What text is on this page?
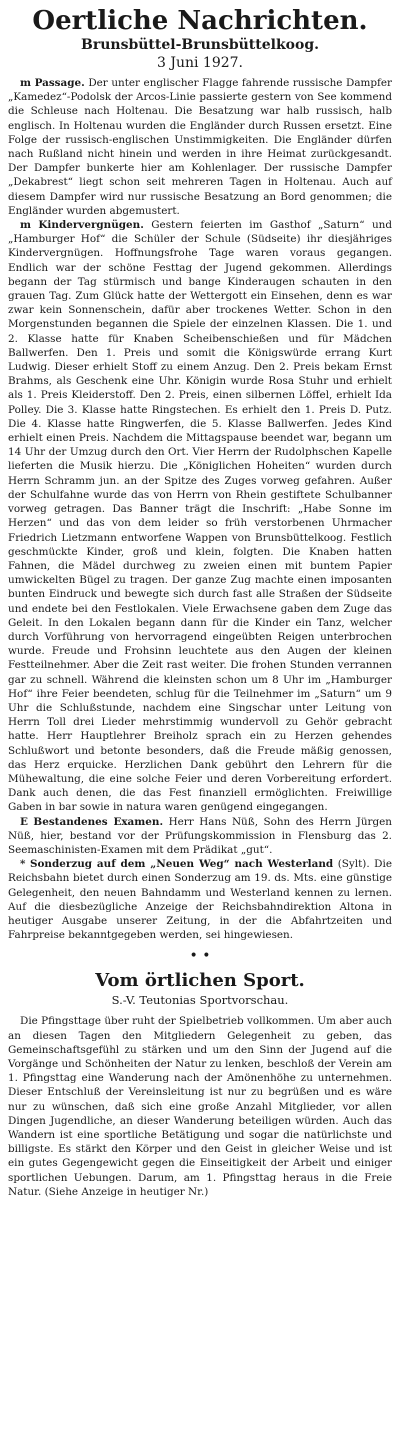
Oertliche Nachrichten.
Brunsbüttel-Brunsbüttelkoog.
3 Juni 1927.

m Passage. Der unter englischer Flagge fahrende russische Dampfer „Kamedez“-Podolsk der Arcos-Linie passierte gestern von See kommend die Schleuse nach Holtenau. Die Besatzung war halb russisch, halb englisch. In Holtenau wurden die Engländer durch Russen ersetzt. Eine Folge der russisch-englischen Unstimmigkeiten. Die Engländer dürfen nach Rußland nicht hinein und werden in ihre Heimat zurückgesandt. Der Dampfer bunkerte hier am Kohlenlager. Der russische Dampfer „Dekabrest“ liegt schon seit mehreren Tagen in Holtenau. Auch auf diesem Dampfer wird nur russische Besatzung an Bord genommen; die Engländer wurden abgemustert.

m Kindervergnügen. Gestern feierten im Gasthof „Saturn“ und „Hamburger Hof“ die Schüler der Schule (Südseite) ihr diesjähriges Kindervergnügen. Hoffnungsfrohe Tage waren voraus gegangen. Endlich war der schöne Festtag der Jugend gekommen. Allerdings begann der Tag stürmisch und bange Kinderaugen schauten in den grauen Tag. Zum Glück hatte der Wettergott ein Einsehen, denn es war zwar kein Sonnenschein, dafür aber trockenes Wetter. Schon in den Morgenstunden begannen die Spiele der einzelnen Klassen. Die 1. und 2. Klasse hatte für Knaben Scheibenschießen und für Mädchen Ballwerfen. Den 1. Preis und somit die Königswürde errang Kurt Ludwig. Dieser erhielt Stoff zu einem Anzug. Den 2. Preis bekam Ernst Brahms, als Geschenk eine Uhr. Königin wurde Rosa Stuhr und erhielt als 1. Preis Kleiderstoff. Den 2. Preis, einen silbernen Löffel, erhielt Ida Polley. Die 3. Klasse hatte Ringstechen. Es erhielt den 1. Preis D. Putz. Die 4. Klasse hatte Ringwerfen, die 5. Klasse Ballwerfen. Jedes Kind erhielt einen Preis. Nachdem die Mittagspause beendet war, begann um 14 Uhr der Umzug durch den Ort. Vier Herrn der Rudolphschen Kapelle lieferten die Musik hierzu. Die „Königlichen Hoheiten“ wurden durch Herrn Schramm jun. an der Spitze des Zuges vorweg gefahren. Außer der Schulfahne wurde das von Herrn von Rhein gestiftete Schulbanner vorweg getragen. Das Banner trägt die Inschrift: „Habe Sonne im Herzen“ und das von dem leider so früh verstorbenen Uhrmacher Friedrich Lietzmann entworfene Wappen von Brunsbüttelkoog. Festlich geschmückte Kinder, groß und klein, folgten. Die Knaben hatten Fahnen, die Mädel durchweg zu zweien einen mit buntem Papier umwickelten Bügel zu tragen. Der ganze Zug machte einen imposanten bunten Eindruck und bewegte sich durch fast alle Straßen der Südseite und endete bei den Festlokalen. Viele Erwachsene gaben dem Zuge das Geleit. In den Lokalen begann dann für die Kinder ein Tanz, welcher durch Vorführung von hervorragend eingeübten Reigen unterbrochen wurde. Freude und Frohsinn leuchtete aus den Augen der kleinen Festteilnehmer. Aber die Zeit rast weiter. Die frohen Stunden verrannen gar zu schnell. Während die kleinsten schon um 8 Uhr im „Hamburger Hof“ ihre Feier beendeten, schlug für die Teilnehmer im „Saturn“ um 9 Uhr die Schlußstunde, nachdem eine Singschar unter Leitung von Herrn Toll drei Lieder mehrstimmig wundervoll zu Gehör gebracht hatte. Herr Hauptlehrer Breiholz sprach ein zu Herzen gehendes Schlußwort und betonte besonders, daß die Freude mäßig genossen, das Herz erquicke. Herzlichen Dank gebührt den Lehrern für die Mühewaltung, die eine solche Feier und deren Vorbereitung erfordert. Dank auch denen, die das Fest finanziell ermöglichten. Freiwillige Gaben in bar sowie in natura waren genügend eingegangen.

E Bestandenes Examen. Herr Hans Nüß, Sohn des Herrn Jürgen Nüß, hier, bestand vor der Prüfungskommission in Flensburg das 2. Seemaschinisten-Examen mit dem Prädikat „gut“.

* Sonderzug auf dem „Neuen Weg“ nach Westerland (Sylt). Die Reichsbahn bietet durch einen Sonderzug am 19. ds. Mts. eine günstige Gelegenheit, den neuen Bahndamm und Westerland kennen zu lernen. Auf die diesbezügliche Anzeige der Reichsbahndirektion Altona in heutiger Ausgabe unserer Zeitung, in der die Abfahrtzeiten und Fahrpreise bekanntgegeben werden, sei hingewiesen.

• •
Vom örtlichen Sport.
S.-V. Teutonias Sportvorschau.

Die Pfingsttage über ruht der Spielbetrieb vollkommen. Um aber auch an diesen Tagen den Mitgliedern Gelegenheit zu geben, das Gemeinschaftsgefühl zu stärken und um den Sinn der Jugend auf die Vorgänge und Schönheiten der Natur zu lenken, beschloß der Verein am 1. Pfingsttag eine Wanderung nach der Amönenhöhe zu unternehmen. Dieser Entschluß der Vereinsleitung ist nur zu begrüßen und es wäre nur zu wünschen, daß sich eine große Anzahl Mitglieder, vor allen Dingen Jugendliche, an dieser Wanderung beteiligen würden. Auch das Wandern ist eine sportliche Betätigung und sogar die natürlichste und billigste. Es stärkt den Körper und den Geist in gleicher Weise und ist ein gutes Gegengewicht gegen die Einseitigkeit der Arbeit und einiger sportlichen Uebungen. Darum, am 1. Pfingsttag heraus in die Freie Natur. (Siehe Anzeige in heutiger Nr.)
